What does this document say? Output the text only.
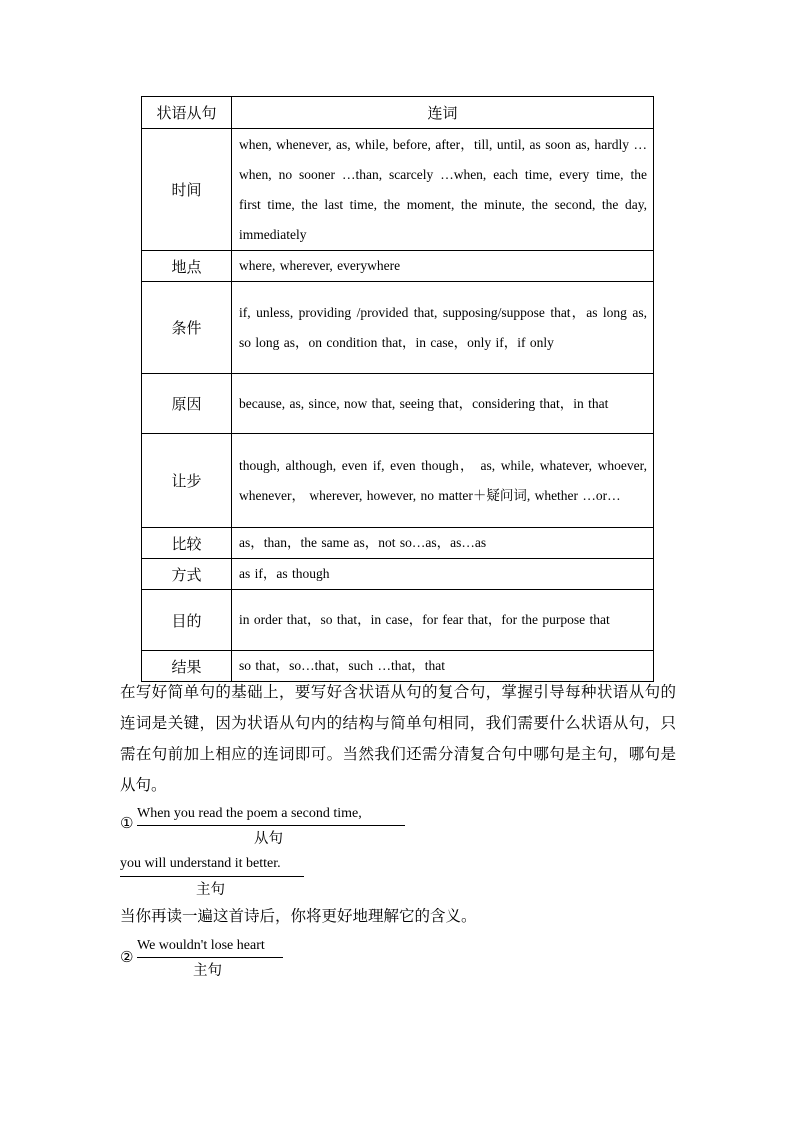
状语从句	连词
时间	when, whenever, as, while, before, after，till, until, as soon as, hardly …when, no sooner …than, scarcely …when, each time, every time, the first time, the last time, the moment, the minute, the second, the day, immediately
地点	where, wherever, everywhere
条件	if, unless, providing /provided that, supposing/suppose that，as long as, so long as，on condition that，in case，only if，if only
原因	because, as, since, now that, seeing that，considering that，in that
让步	though, although, even if, even though， as, while, whatever, whoever, whenever， wherever, however, no matter＋疑问词, whether …or…
比较	as，than，the same as，not so…as，as…as
方式	as if，as though
目的	in order that，so that，in case，for fear that，for the purpose that
结果	so that，so…that，such …that，that
在写好简单句的基础上，要写好含状语从句的复合句，掌握引导每种状语从句的连词是关键，因为状语从句内的结构与简单句相同，我们需要什么状语从句，只需在句前加上相应的连词即可。当然我们还需分清复合句中哪句是主句，哪句是从句。
①
When you read the poem a second time,
从句
you will understand it better.
主句
当你再读一遍这首诗后，你将更好地理解它的含义。
②
We wouldn't lose heart
主句
